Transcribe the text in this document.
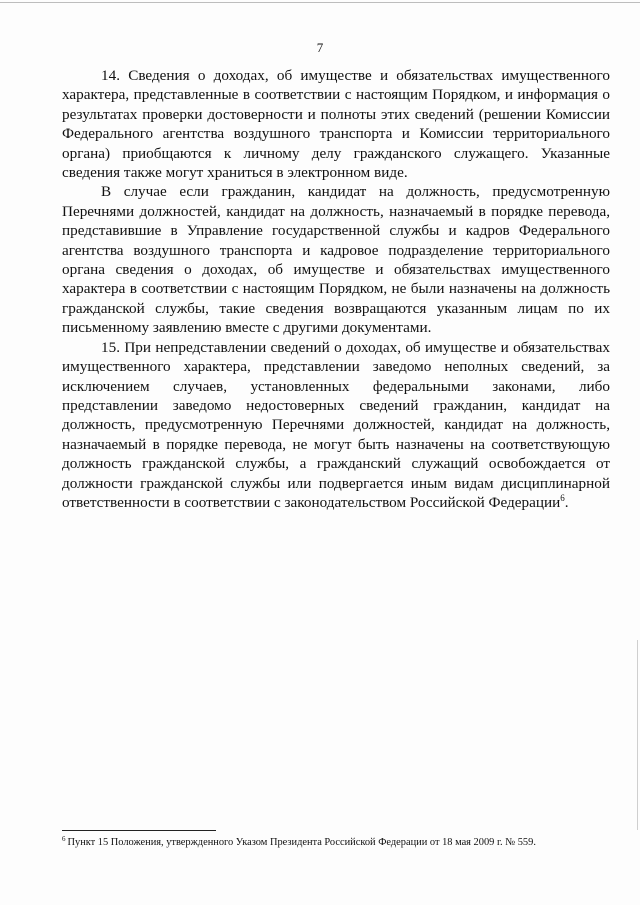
7

14. Сведения о доходах, об имуществе и обязательствах имущественного характера, представленные в соответствии с настоящим Порядком, и информация о результатах проверки достоверности и полноты этих сведений (решении Комиссии Федерального агентства воздушного транспорта и Комиссии территориального органа) приобщаются к личному делу гражданского служащего. Указанные сведения также могут храниться в электронном виде.

В случае если гражданин, кандидат на должность, предусмотренную Перечнями должностей, кандидат на должность, назначаемый в порядке перевода, представившие в Управление государственной службы и кадров Федерального агентства воздушного транспорта и кадровое подразделение территориального органа сведения о доходах, об имуществе и обязательствах имущественного характера в соответствии с настоящим Порядком, не были назначены на должность гражданской службы, такие сведения возвращаются указанным лицам по их письменному заявлению вместе с другими документами.

15. При непредставлении сведений о доходах, об имуществе и обязательствах имущественного характера, представлении заведомо неполных сведений, за исключением случаев, установленных федеральными законами, либо представлении заведомо недостоверных сведений гражданин, кандидат на должность, предусмотренную Перечнями должностей, кандидат на должность, назначаемый в порядке перевода, не могут быть назначены на соответствующую должность гражданской службы, а гражданский служащий освобождается от должности гражданской службы или подвергается иным видам дисциплинарной ответственности в соответствии с законодательством Российской Федерации$^6$.

$^6$ Пункт 15 Положения, утвержденного Указом Президента Российской Федерации от 18 мая 2009 г. № 559.
